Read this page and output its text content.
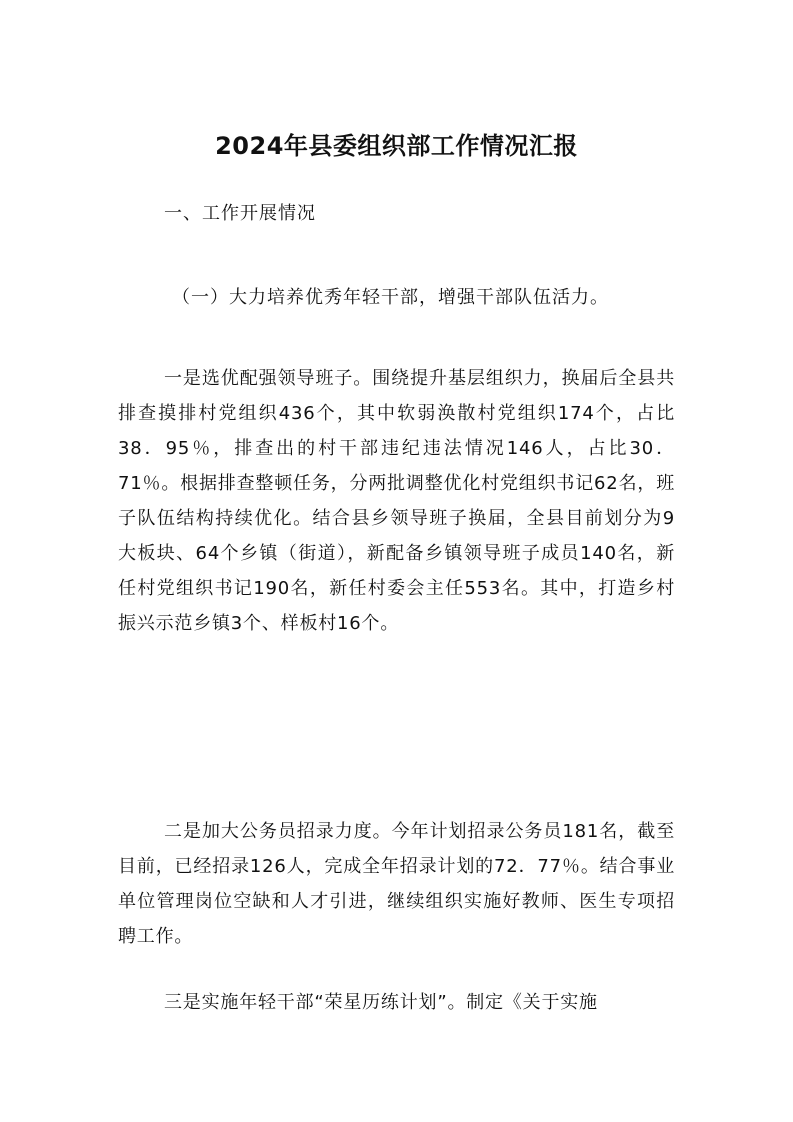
2024年县委组织部工作情况汇报
一、工作开展情况
（一）大力培养优秀年轻干部，增强干部队伍活力。

一是选优配强领导班子。围绕提升基层组织力，换届后全县共排查摸排村党组织436个，其中软弱涣散村党组织174个，占比38．95％，排查出的村干部违纪违法情况146人，占比30．71％。根据排查整顿任务，分两批调整优化村党组织书记62名，班子队伍结构持续优化。结合县乡领导班子换届，全县目前划分为9大板块、64个乡镇（街道），新配备乡镇领导班子成员140名，新任村党组织书记190名，新任村委会主任553名。其中，打造乡村振兴示范乡镇3个、样板村16个。

二是加大公务员招录力度。今年计划招录公务员181名，截至目前，已经招录126人，完成全年招录计划的72．77％。结合事业单位管理岗位空缺和人才引进，继续组织实施好教师、医生专项招聘工作。

三是实施年轻干部“荣星历练计划”。制定《关于实施
